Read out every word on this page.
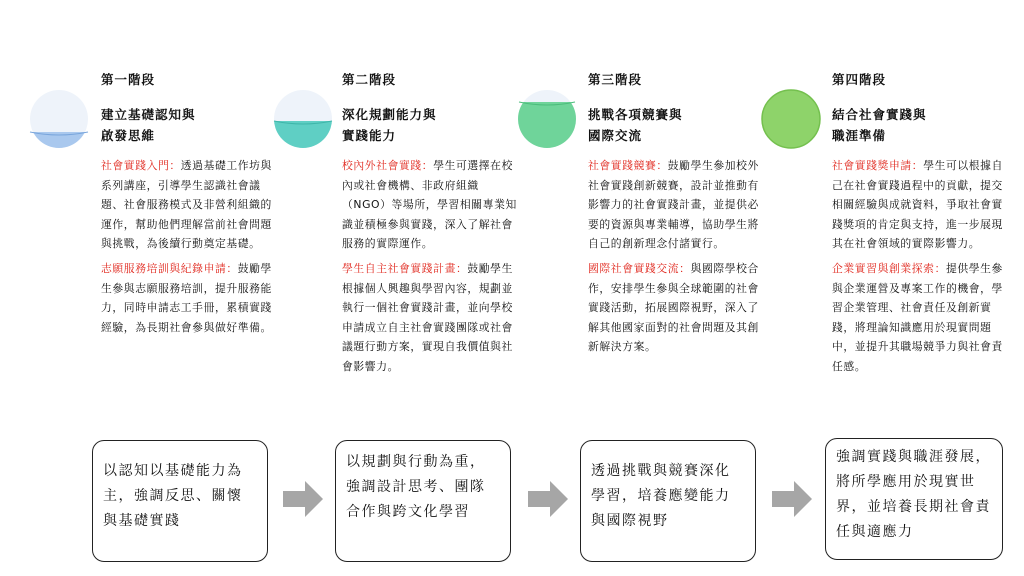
第一階段
建立基礎認知與
啟發思維

社會實踐入門：透過基礎工作坊與系列講座，引導學生認識社會議題、社會服務模式及非營利組織的運作，幫助他們理解當前社會問題與挑戰，為後續行動奠定基礎。

志願服務培訓與紀錄申請：鼓勵學生參與志願服務培訓，提升服務能力，同時申請志工手冊，累積實踐經驗，為長期社會參與做好準備。

第二階段
深化規劃能力與
實踐能力

校內外社會實踐：學生可選擇在校內或社會機構、非政府組織（NGO）等場所，學習相關專業知識並積極參與實踐，深入了解社會服務的實際運作。

學生自主社會實踐計畫：鼓勵學生根據個人興趣與學習內容，規劃並執行一個社會實踐計畫，並向學校申請成立自主社會實踐團隊或社會議題行動方案，實現自我價值與社會影響力。

第三階段
挑戰各項競賽與
國際交流

社會實踐競賽：鼓勵學生參加校外社會實踐創新競賽，設計並推動有影響力的社會實踐計畫，並提供必要的資源與專業輔導，協助學生將自己的創新理念付諸實行。

國際社會實踐交流：與國際學校合作，安排學生參與全球範圍的社會實踐活動，拓展國際視野，深入了解其他國家面對的社會問題及其創新解決方案。

第四階段
結合社會實踐與
職涯準備

社會實踐獎申請：學生可以根據自己在社會實踐過程中的貢獻，提交相關經驗與成就資料，爭取社會實踐獎項的肯定與支持，進一步展現其在社會領域的實際影響力。

企業實習與創業探索：提供學生參與企業運營及專案工作的機會，學習企業管理、社會責任及創新實踐，將理論知識應用於現實問題中，並提升其職場競爭力與社會責任感。

以認知以基礎能力為主，強調反思、關懷與基礎實踐
以規劃與行動為重，強調設計思考、團隊合作與跨文化學習
透過挑戰與競賽深化學習，培養應變能力與國際視野
強調實踐與職涯發展，將所學應用於現實世界，並培養長期社會責任與適應力
